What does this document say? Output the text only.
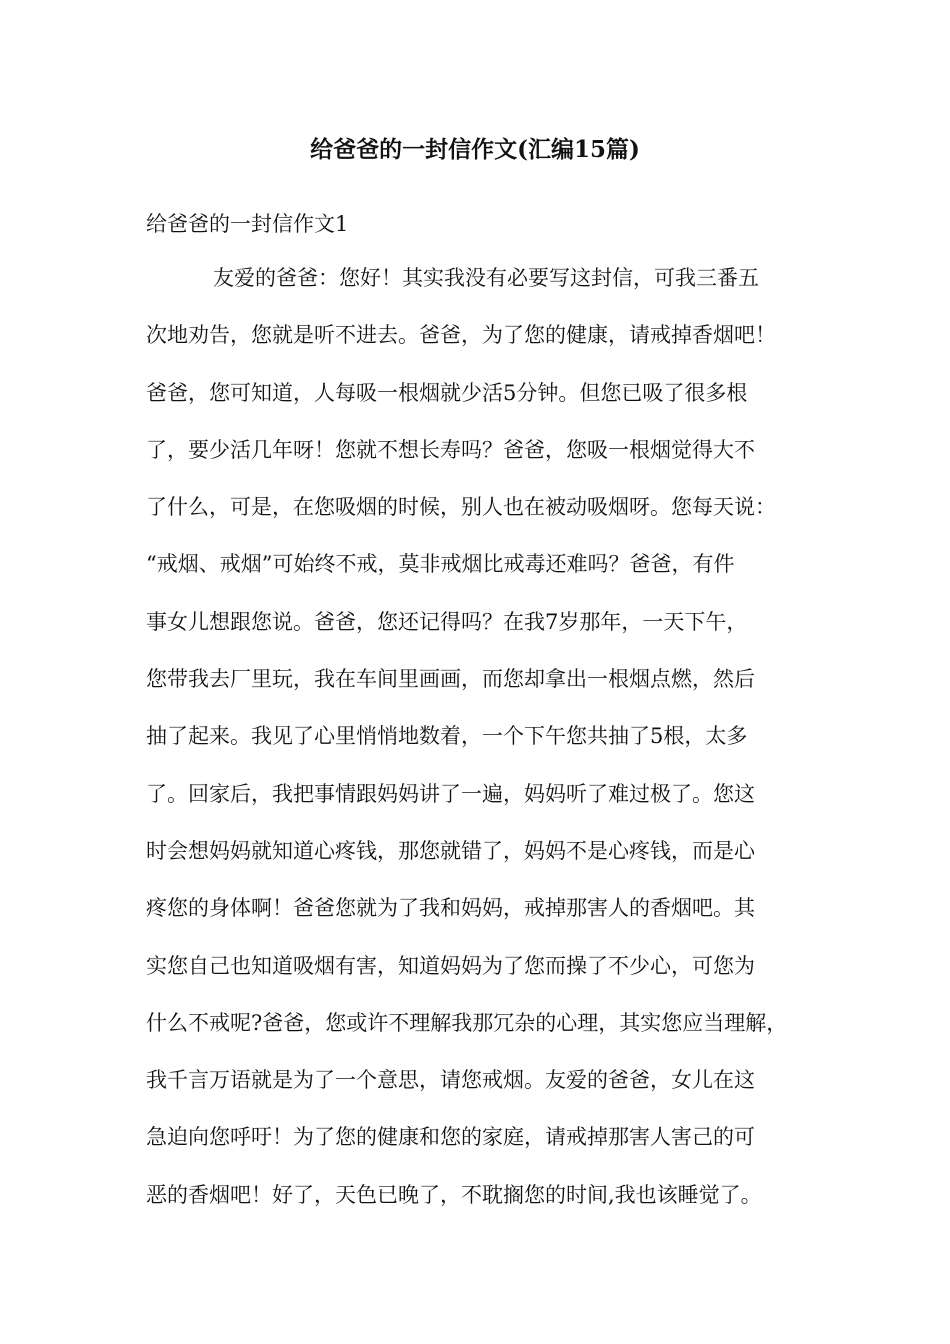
给爸爸的一封信作文(汇编15篇)
给爸爸的一封信作文1
友爱的爸爸：您好！其实我没有必要写这封信，可我三番五
次地劝告，您就是听不进去。爸爸，为了您的健康，请戒掉香烟吧！
爸爸，您可知道，人每吸一根烟就少活5分钟。但您已吸了很多根
了，要少活几年呀！您就不想长寿吗？爸爸，您吸一根烟觉得大不
了什么，可是，在您吸烟的时候，别人也在被动吸烟呀。您每天说：
“戒烟、戒烟”可始终不戒，莫非戒烟比戒毒还难吗？爸爸，有件
事女儿想跟您说。爸爸，您还记得吗？在我7岁那年，一天下午，
您带我去厂里玩，我在车间里画画，而您却拿出一根烟点燃，然后
抽了起来。我见了心里悄悄地数着，一个下午您共抽了5根，太多
了。回家后，我把事情跟妈妈讲了一遍，妈妈听了难过极了。您这
时会想妈妈就知道心疼钱，那您就错了，妈妈不是心疼钱，而是心
疼您的身体啊！爸爸您就为了我和妈妈，戒掉那害人的香烟吧。其
实您自己也知道吸烟有害，知道妈妈为了您而操了不少心，可您为
什么不戒呢?爸爸，您或许不理解我那冗杂的心理，其实您应当理解，
我千言万语就是为了一个意思，请您戒烟。友爱的爸爸，女儿在这
急迫向您呼吁！为了您的健康和您的家庭，请戒掉那害人害己的可
恶的香烟吧！好了，天色已晚了，不耽搁您的时间,我也该睡觉了。
